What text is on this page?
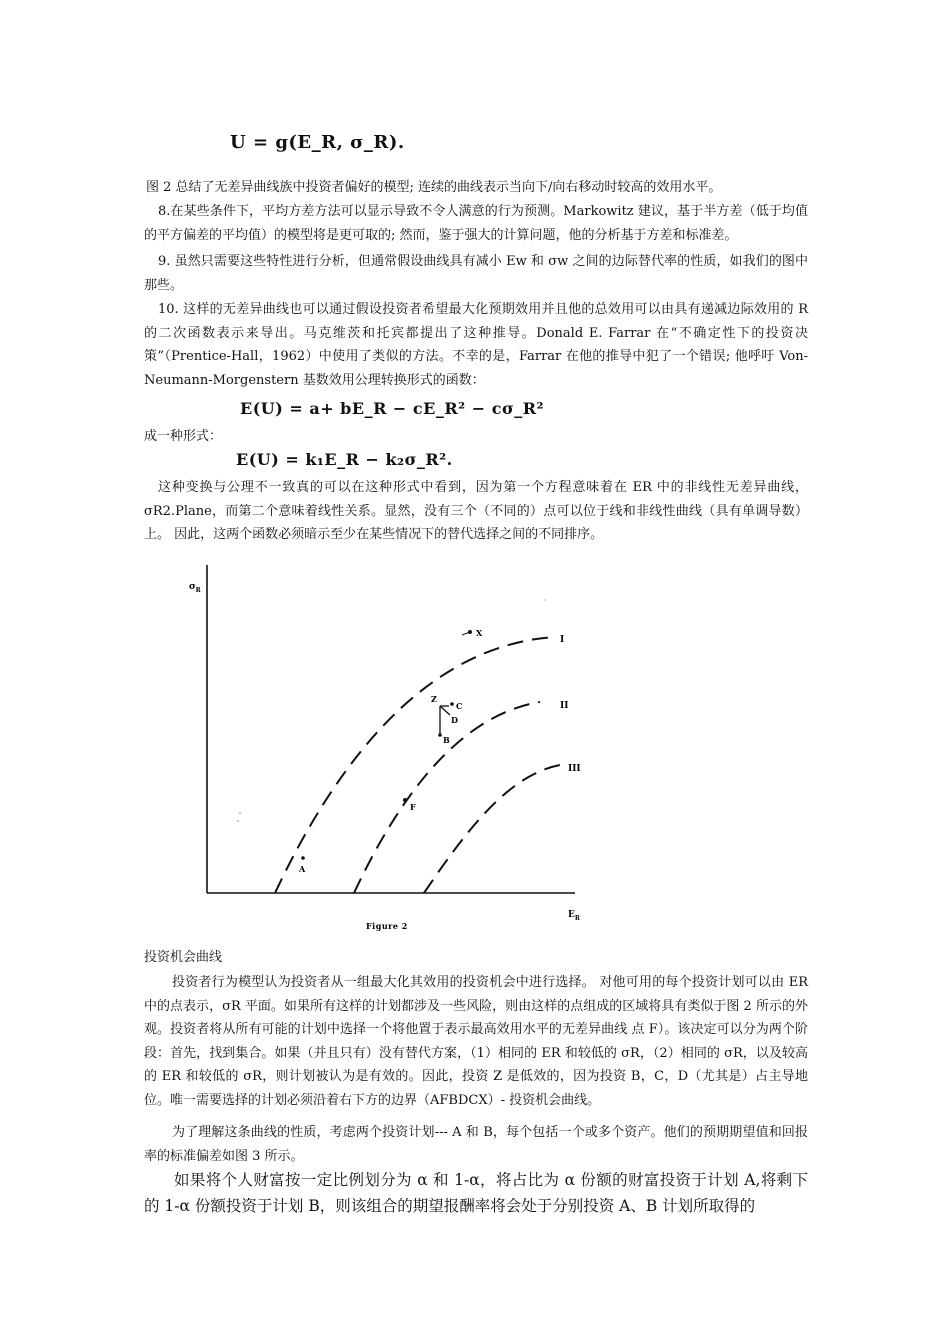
U = g(E_R, σ_R).

图 2 总结了无差异曲线族中投资者偏好的模型; 连续的曲线表示当向下/向右移动时较高的效用水平。

8.在某些条件下，平均方差方法可以显示导致不令人满意的行为预测。Markowitz 建议，基于半方差（低于均值的平方偏差的平均值）的模型将是更可取的; 然而，鉴于强大的计算问题，他的分析基于方差和标准差。

9. 虽然只需要这些特性进行分析，但通常假设曲线具有减小 Ew 和 σw 之间的边际替代率的性质，如我们的图中那些。

10. 这样的无差异曲线也可以通过假设投资者希望最大化预期效用并且他的总效用可以由具有递减边际效用的 R 的二次函数表示来导出。马克维茨和托宾都提出了这种推导。Donald E. Farrar 在“不确定性下的投资决策”（Prentice-Hall，1962）中使用了类似的方法。不幸的是，Farrar 在他的推导中犯了一个错误; 他呼吁 Von-Neumann-Morgenstern 基数效用公理转换形式的函数：

E(U) = a+ bE_R − cE_R² − cσ_R²

成一种形式：

E(U) = k₁E_R − k₂σ_R².

这种变换与公理不一致真的可以在这种形式中看到，因为第一个方程意味着在 ER 中的非线性无差异曲线，σR2.Plane，而第二个意味着线性关系。显然，没有三个（不同的）点可以位于线和非线性曲线（具有单调导数）上。 因此，这两个函数必须暗示至少在某些情况下的替代选择之间的不同排序。

$\sigma_R$
$E_R$
Figure 2
I
II
III
X
Z
C
D
B
F
A

投资机会曲线

投资者行为模型认为投资者从一组最大化其效用的投资机会中进行选择。 对他可用的每个投资计划可以由 ER 中的点表示，σR 平面。如果所有这样的计划都涉及一些风险，则由这样的点组成的区域将具有类似于图 2 所示的外观。投资者将从所有可能的计划中选择一个将他置于表示最高效用水平的无差异曲线 点 F）。该决定可以分为两个阶段：首先，找到集合。如果（并且只有）没有替代方案，（1）相同的 ER 和较低的 σR，（2）相同的 σR，以及较高的 ER 和较低的 σR，则计划被认为是有效的。因此，投资 Z 是低效的，因为投资 B，C，D（尤其是）占主导地位。唯一需要选择的计划必须沿着右下方的边界（AFBDCX）- 投资机会曲线。

为了理解这条曲线的性质，考虑两个投资计划--- A 和 B，每个包括一个或多个资产。他们的预期期望值和回报率的标准偏差如图 3 所示。

如果将个人财富按一定比例划分为 α 和 1-α，将占比为 α 份额的财富投资于计划 A,将剩下的 1-α 份额投资于计划 B，则该组合的期望报酬率将会处于分别投资 A、B 计划所取得的
